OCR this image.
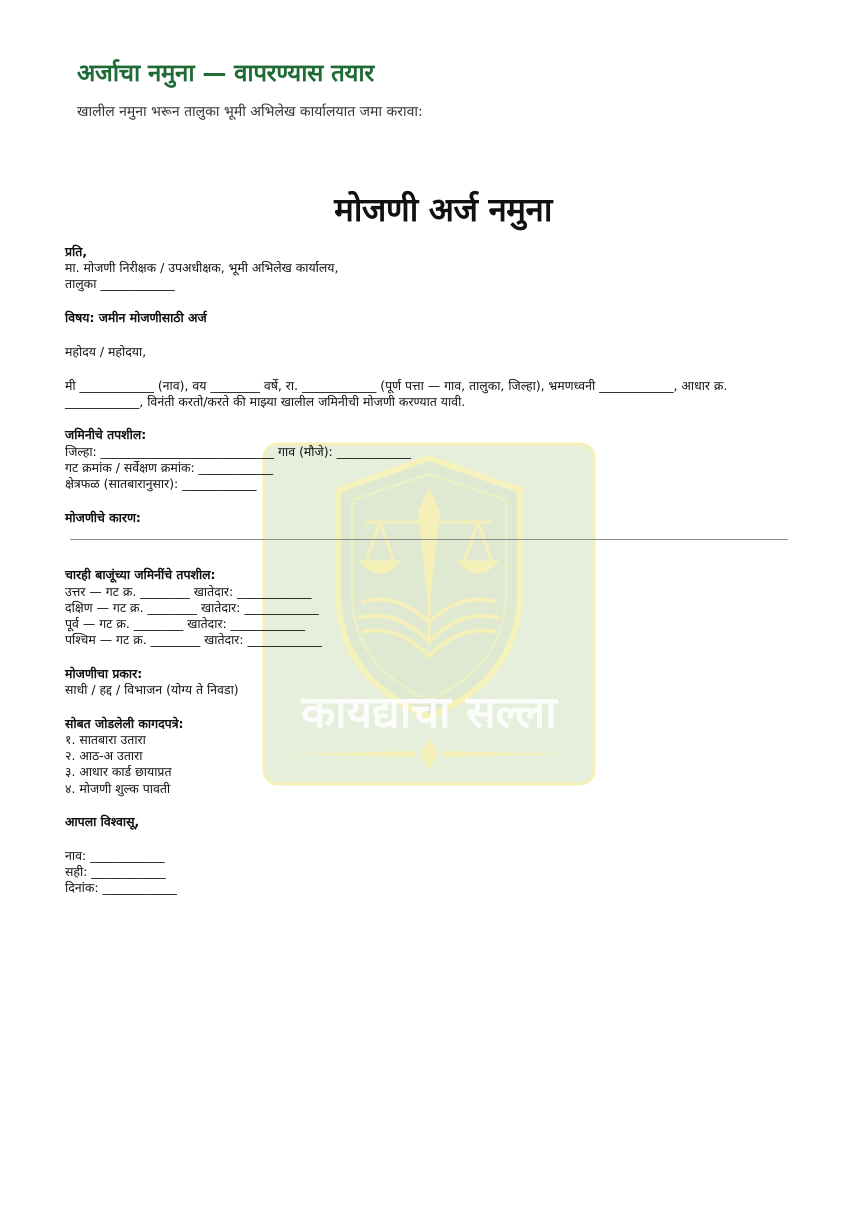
अर्जाचा नमुना — वापरण्यास तयार
खालील नमुना भरून तालुका भूमी अभिलेख कार्यालयात जमा करावा:
कायद्याचा सल्ला
मोजणी अर्ज नमुना

प्रति,

मा. मोजणी निरीक्षक / उपअधीक्षक, भूमी अभिलेख कार्यालय,

तालुका ____________

विषय: जमीन मोजणीसाठी अर्ज

महोदय / महोदया,

मी ____________ (नाव), वय ________ वर्षे, रा. ____________ (पूर्ण पत्ता — गाव, तालुका, जिल्हा), भ्रमणध्वनी ____________, आधार क्र. ____________, विनंती करतो/करते की माझ्या खालील जमिनीची मोजणी करण्यात यावी.

जमिनीचे तपशील:

जिल्हा: ____________________________ गाव (मौजे): ____________

गट क्रमांक / सर्वेक्षण क्रमांक: ____________

क्षेत्रफळ (सातबारानुसार): ____________

मोजणीचे कारण:

चारही बाजूंच्या जमिनींचे तपशील:

उत्तर — गट क्र. ________ खातेदार: ____________

दक्षिण — गट क्र. ________ खातेदार: ____________

पूर्व — गट क्र. ________ खातेदार: ____________

पश्चिम — गट क्र. ________ खातेदार: ____________

मोजणीचा प्रकार:

साधी / हद्द / विभाजन (योग्य ते निवडा)

सोबत जोडलेली कागदपत्रे:

१. सातबारा उतारा

२. आठ-अ उतारा

३. आधार कार्ड छायाप्रत

४. मोजणी शुल्क पावती

आपला विश्वासू,

नाव: ____________

सही: ____________

दिनांक: ____________
